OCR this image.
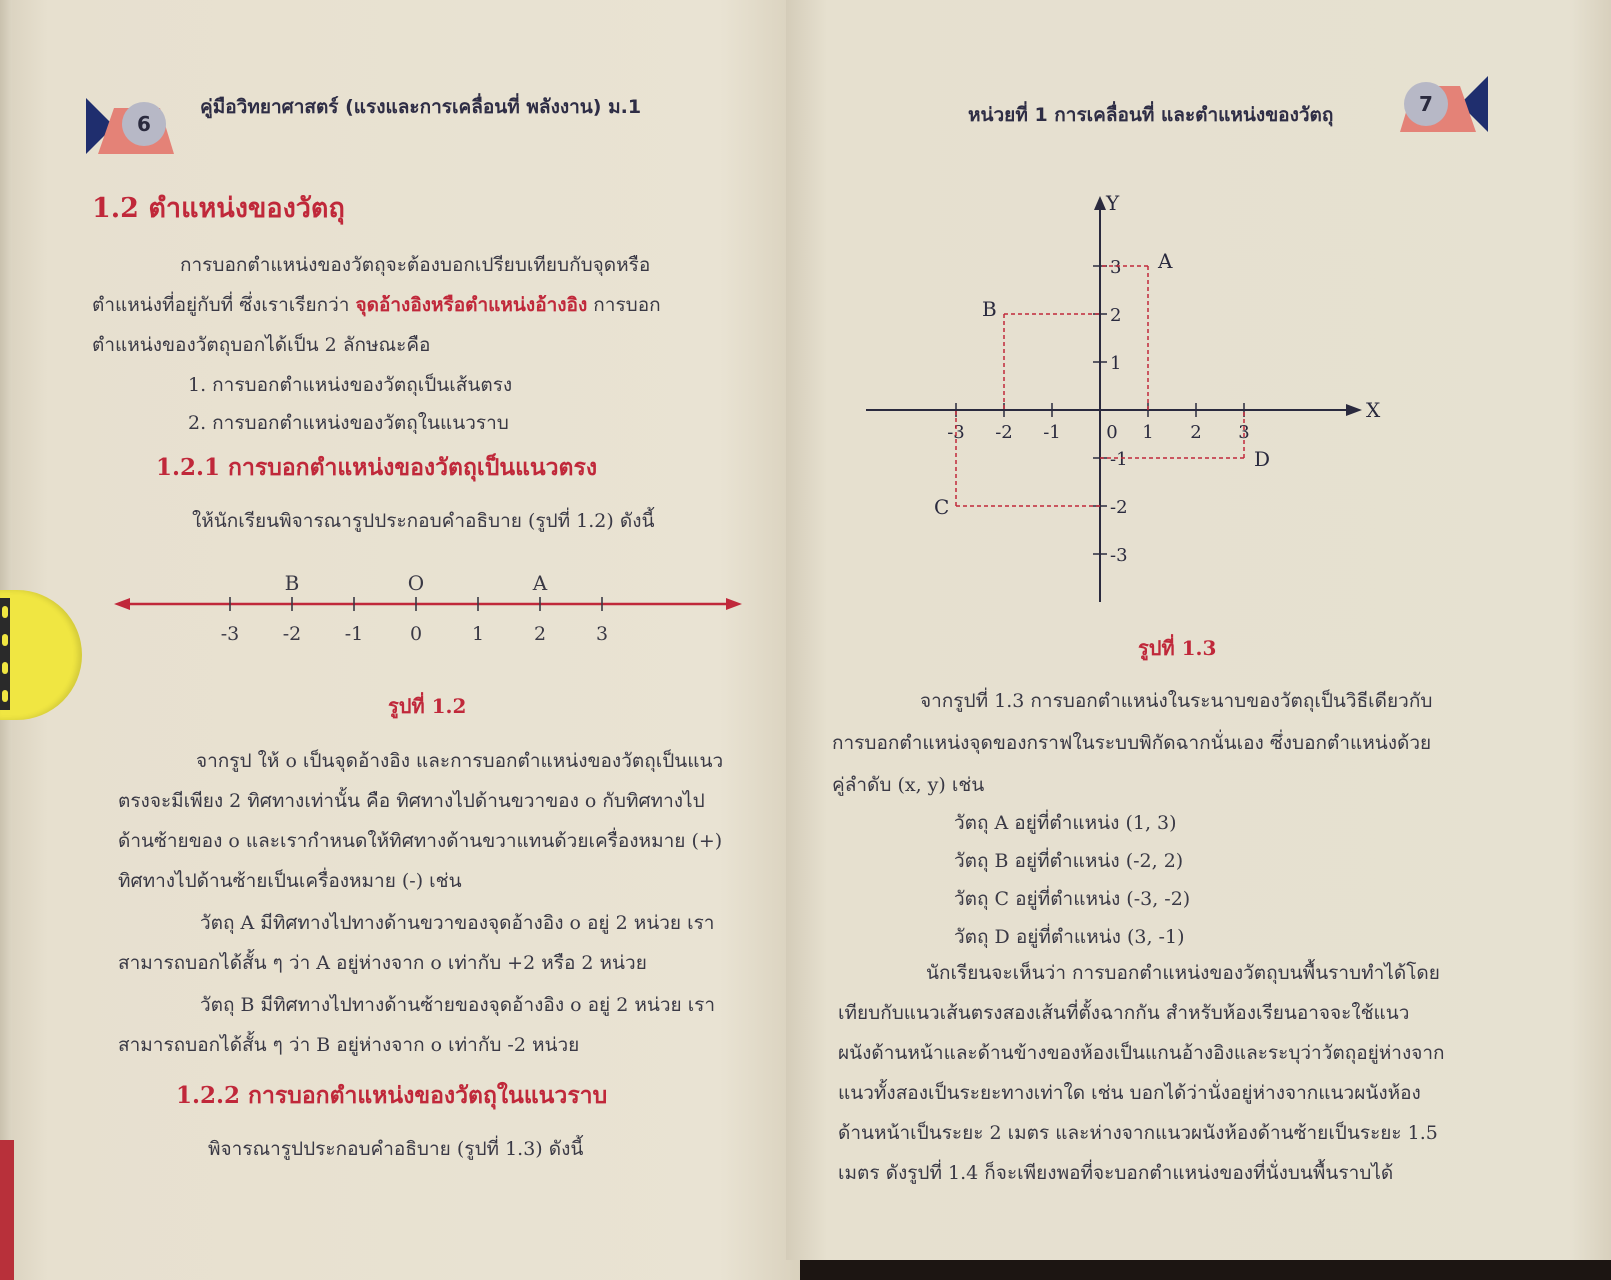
6
คู่มือวิทยาศาสตร์ (แรงและการเคลื่อนที่ พลังงาน) ม.1
1.2 ตำแหน่งของวัตถุ
การบอกตำแหน่งของวัตถุจะต้องบอกเปรียบเทียบกับจุดหรือ
ตำแหน่งที่อยู่กับที่ ซึ่งเราเรียกว่า จุดอ้างอิงหรือตำแหน่งอ้างอิง การบอก
ตำแหน่งของวัตถุบอกได้เป็น 2 ลักษณะคือ
1. การบอกตำแหน่งของวัตถุเป็นเส้นตรง
2. การบอกตำแหน่งของวัตถุในแนวราบ
1.2.1 การบอกตำแหน่งของวัตถุเป็นแนวตรง
ให้นักเรียนพิจารณารูปประกอบคำอธิบาย (รูปที่ 1.2) ดังนี้
-3 -2 -1 0	1	2	3
B	O	A
รูปที่ 1.2
จากรูป ให้ o เป็นจุดอ้างอิง และการบอกตำแหน่งของวัตถุเป็นแนว
ตรงจะมีเพียง 2 ทิศทางเท่านั้น คือ ทิศทางไปด้านขวาของ o กับทิศทางไป
ด้านซ้ายของ o และเรากำหนดให้ทิศทางด้านขวาแทนด้วยเครื่องหมาย (+)
ทิศทางไปด้านซ้ายเป็นเครื่องหมาย (-) เช่น
วัตถุ A มีทิศทางไปทางด้านขวาของจุดอ้างอิง o อยู่ 2 หน่วย เรา
สามารถบอกได้สั้น ๆ ว่า A อยู่ห่างจาก o เท่ากับ +2 หรือ 2 หน่วย
วัตถุ B มีทิศทางไปทางด้านซ้ายของจุดอ้างอิง o อยู่ 2 หน่วย เรา
สามารถบอกได้สั้น ๆ ว่า B อยู่ห่างจาก o เท่ากับ -2 หน่วย
1.2.2 การบอกตำแหน่งของวัตถุในแนวราบ
พิจารณารูปประกอบคำอธิบาย (รูปที่ 1.3) ดังนี้
หน่วยที่ 1 การเคลื่อนที่ และตำแหน่งของวัตถุ	7
X
Y
-3 -2 -1	1 2 3
0
-3
-2
-1
1
2
3 A
B
C
D
รูปที่ 1.3
จากรูปที่ 1.3 การบอกตำแหน่งในระนาบของวัตถุเป็นวิธีเดียวกับ
การบอกตำแหน่งจุดของกราฟในระบบพิกัดฉากนั่นเอง ซึ่งบอกตำแหน่งด้วย
คู่ลำดับ (x, y) เช่น
วัตถุ A อยู่ที่ตำแหน่ง (1, 3)
วัตถุ B อยู่ที่ตำแหน่ง (-2, 2)
วัตถุ C อยู่ที่ตำแหน่ง (-3, -2)
วัตถุ D อยู่ที่ตำแหน่ง (3, -1)
นักเรียนจะเห็นว่า การบอกตำแหน่งของวัตถุบนพื้นราบทำได้โดย
เทียบกับแนวเส้นตรงสองเส้นที่ตั้งฉากกัน สำหรับห้องเรียนอาจจะใช้แนว
ผนังด้านหน้าและด้านข้างของห้องเป็นแกนอ้างอิงและระบุว่าวัตถุอยู่ห่างจาก
แนวทั้งสองเป็นระยะทางเท่าใด เช่น บอกได้ว่านั่งอยู่ห่างจากแนวผนังห้อง
ด้านหน้าเป็นระยะ 2 เมตร และห่างจากแนวผนังห้องด้านซ้ายเป็นระยะ 1.5
เมตร ดังรูปที่ 1.4 ก็จะเพียงพอที่จะบอกตำแหน่งของที่นั่งบนพื้นราบได้
